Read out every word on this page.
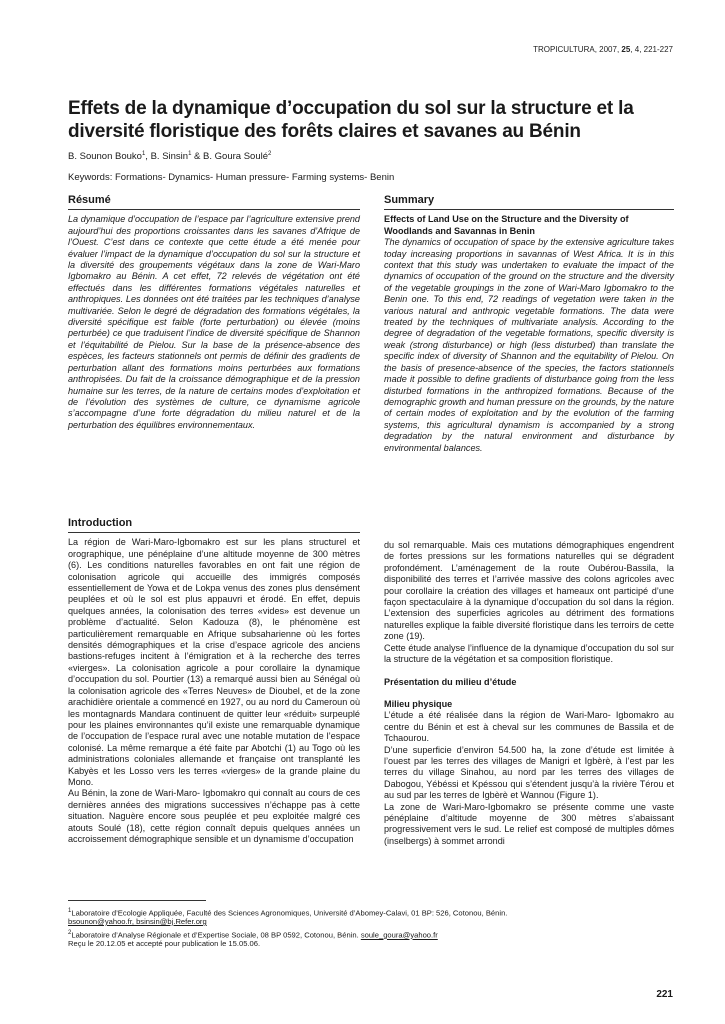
TROPICULTURA, 2007, 25, 4, 221-227
Effets de la dynamique d’occupation du sol sur la structure et la diversité floristique des forêts claires et savanes au Bénin
B. Sounon Bouko$^1$, B. Sinsin$^1$ & B. Goura Soulé$^2$
Keywords: Formations- Dynamics- Human pressure- Farming systems- Benin

Résumé

La dynamique d’occupation de l’espace par l’agriculture extensive prend aujourd’hui des proportions croissantes dans les savanes d’Afrique de l’Ouest. C’est dans ce contexte que cette étude a été menée pour évaluer l’impact de la dynamique d’occupation du sol sur la structure et la diversité des groupements végétaux dans la zone de Wari-Maro Igbomakro au Bénin. A cet effet, 72 relevés de végétation ont été effectués dans les différentes formations végétales naturelles et anthropiques. Les données ont été traitées par les techniques d’analyse multivariée. Selon le degré de dégradation des formations végétales, la diversité spécifique est faible (forte perturbation) ou élevée (moins perturbée) ce que traduisent l’indice de diversité spécifique de Shannon et l’équitabilité de Pielou. Sur la base de la présence-absence des espèces, les facteurs stationnels ont permis de définir des gradients de perturbation allant des formations moins perturbées aux formations anthropisées. Du fait de la croissance démographique et de la pression humaine sur les terres, de la nature de certains modes d’exploitation et de l’évolution des systèmes de culture, ce dynamisme agricole s’accompagne d’une forte dégradation du milieu naturel et de la perturbation des équilibres environnementaux.

Summary

Effects of Land Use on the Structure and the Diversity of Woodlands and Savannas in Benin

The dynamics of occupation of space by the extensive agriculture takes today increasing proportions in savannas of West Africa. It is in this context that this study was undertaken to evaluate the impact of the dynamics of occupation of the ground on the structure and the diversity of the vegetable groupings in the zone of Wari-Maro Igbomakro to the Benin one. To this end, 72 readings of vegetation were taken in the various natural and anthropic vegetable formations. The data were treated by the techniques of multivariate analysis. According to the degree of degradation of the vegetable formations, specific diversity is weak (strong disturbance) or high (less disturbed) than translate the specific index of diversity of Shannon and the equitability of Pielou. On the basis of presence-absence of the species, the factors stationnels made it possible to define gradients of disturbance going from the less disturbed formations in the anthropized formations. Because of the demographic growth and human pressure on the grounds, by the nature of certain modes of exploitation and by the evolution of the farming systems, this agricultural dynamism is accompanied by a strong degradation by the natural environment and disturbance by environmental balances.

Introduction

La région de Wari-Maro-Igbomakro est sur les plans structurel et orographique, une pénéplaine d’une altitude moyenne de 300 mètres (6). Les conditions naturelles favorables en ont fait une région de colonisation agricole qui accueille des immigrés composés essentiellement de Yowa et de Lokpa venus des zones plus densément peuplées et où le sol est plus appauvri et érodé. En effet, depuis quelques années, la colonisation des terres «vides» est devenue un problème d’actualité. Selon Kadouza (8), le phénomène est particulièrement remarquable en Afrique subsaharienne où les fortes densités démographiques et la crise d’espace agricole des anciens bastions-refuges incitent à l’émigration et à la recherche des terres «vierges». La colonisation agricole a pour corollaire la dynamique d’occupation du sol. Pourtier (13) a remarqué aussi bien au Sénégal où la colonisation agricole des «Terres Neuves» de Dioubel, et de la zone arachidière orientale a commencé en 1927, ou au nord du Cameroun où les montagnards Mandara continuent de quitter leur «réduit» surpeuplé pour les plaines environnantes qu’il existe une remarquable dynamique de l’occupation de l’espace rural avec une notable mutation de l’espace colonisé. La même remarque a été faite par Abotchi (1) au Togo où les administrations coloniales allemande et française ont transplanté les Kabyès et les Losso vers les terres «vierges» de la grande plaine du Mono.

Au Bénin, la zone de Wari-Maro- Igbomakro qui connaît au cours de ces dernières années des migrations successives n’échappe pas à cette situation. Naguère encore sous peuplée et peu exploitée malgré ces atouts Soulé (18), cette région connaît depuis quelques années un accroissement démographique sensible et un dynamisme d’occupation

du sol remarquable. Mais ces mutations démographiques engendrent de fortes pressions sur les formations naturelles qui se dégradent profondément. L’aménagement de la route Oubérou-Bassila, la disponibilité des terres et l’arrivée massive des colons agricoles avec pour corollaire la création des villages et hameaux ont participé d’une façon spectaculaire à la dynamique d’occupation du sol dans la région. L’extension des superficies agricoles au détriment des formations naturelles explique la faible diversité floristique dans les terroirs de cette zone (19).

Cette étude analyse l’influence de la dynamique d’occupation du sol sur la structure de la végétation et sa composition floristique.

Présentation du milieu d’étude

Milieu physique

L’étude a été réalisée dans la région de Wari-Maro- Igbomakro au centre du Bénin et est à cheval sur les communes de Bassila et de Tchaourou.

D’une superficie d’environ 54.500 ha, la zone d’étude est limitée à l’ouest par les terres des villages de Manigri et Igbèrè, à l’est par les terres du village Sinahou, au nord par les terres des villages de Dabogou, Yébéssi et Kpéssou qui s’étendent jusqu’à la rivière Térou et au sud par les terres de Igbèrè et Wannou (Figure 1).

La zone de Wari-Maro-Igbomakro se présente comme une vaste pénéplaine d’altitude moyenne de 300 mètres s’abaissant progressivement vers le sud. Le relief est composé de multiples dômes (inselbergs) à sommet arrondi

$^1$Laboratoire d’Ecologie Appliquée, Faculté des Sciences Agronomiques, Université d’Abomey-Calavi, 01 BP: 526, Cotonou, Bénin.
bsounon@yahoo.fr, bsinsin@bj.Refer.org
$^2$Laboratoire d’Analyse Régionale et d’Expertise Sociale, 08 BP 0592, Cotonou, Bénin. soule_goura@yahoo.fr
Reçu le 20.12.05 et accepté pour publication le 15.05.06.
221
